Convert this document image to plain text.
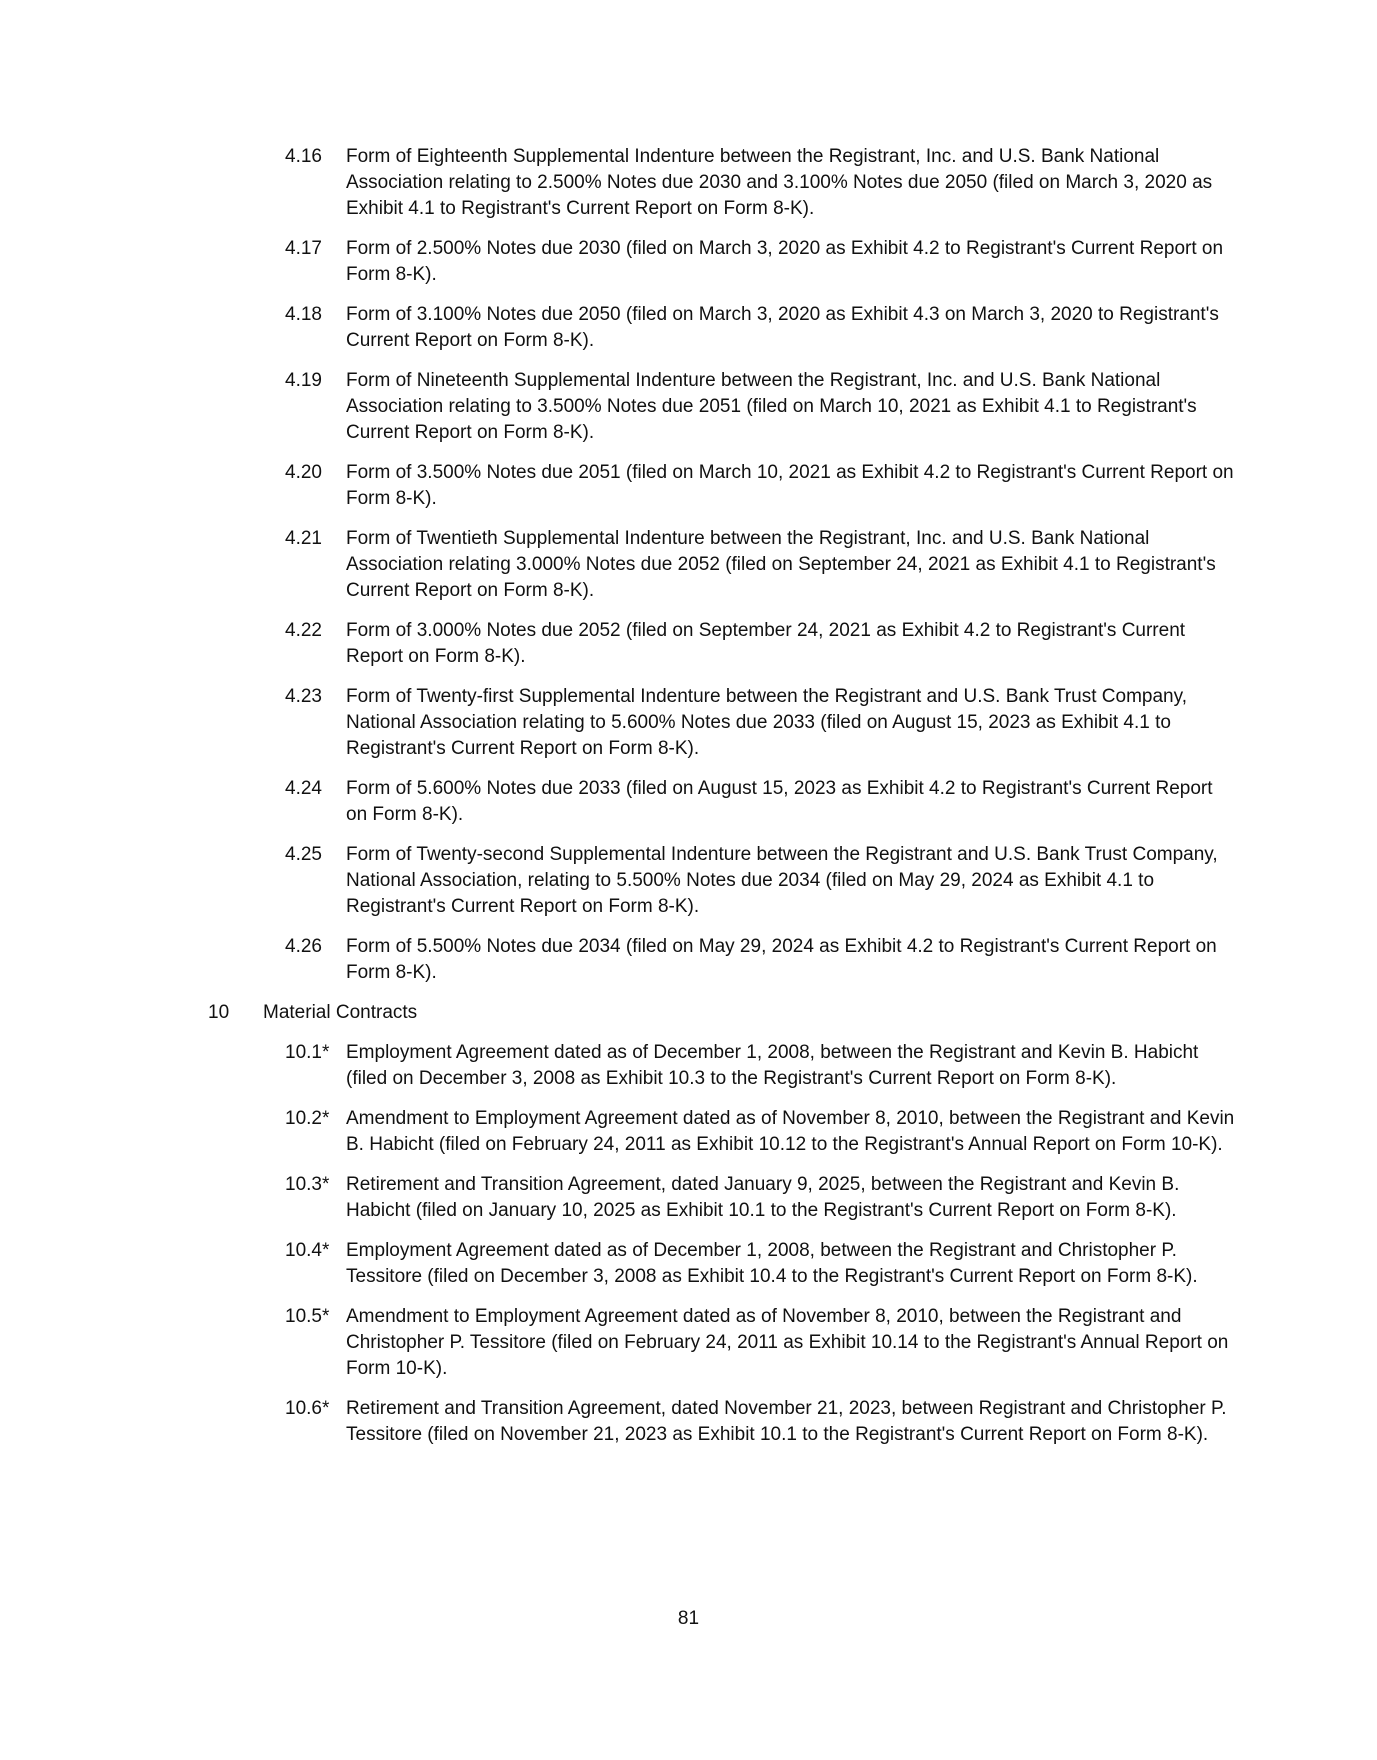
4.16 Form of Eighteenth Supplemental Indenture between the Registrant, Inc. and U.S. Bank National Association relating to 2.500% Notes due 2030 and 3.100% Notes due 2050 (filed on March 3, 2020 as Exhibit 4.1 to Registrant's Current Report on Form 8-K).
4.17 Form of 2.500% Notes due 2030 (filed on March 3, 2020 as Exhibit 4.2 to Registrant's Current Report on Form 8-K).
4.18 Form of 3.100% Notes due 2050 (filed on March 3, 2020 as Exhibit 4.3 on March 3, 2020 to Registrant's Current Report on Form 8-K).
4.19 Form of Nineteenth Supplemental Indenture between the Registrant, Inc. and U.S. Bank National Association relating to 3.500% Notes due 2051 (filed on March 10, 2021 as Exhibit 4.1 to Registrant's Current Report on Form 8-K).
4.20 Form of 3.500% Notes due 2051 (filed on March 10, 2021 as Exhibit 4.2 to Registrant's Current Report on Form 8-K).
4.21 Form of Twentieth Supplemental Indenture between the Registrant, Inc. and U.S. Bank National Association relating 3.000% Notes due 2052 (filed on September 24, 2021 as Exhibit 4.1 to Registrant's Current Report on Form 8-K).
4.22 Form of 3.000% Notes due 2052 (filed on September 24, 2021 as Exhibit 4.2 to Registrant's Current Report on Form 8-K).
4.23 Form of Twenty-first Supplemental Indenture between the Registrant and U.S. Bank Trust Company, National Association relating to 5.600% Notes due 2033 (filed on August 15, 2023 as Exhibit 4.1 to Registrant's Current Report on Form 8-K).
4.24 Form of 5.600% Notes due 2033 (filed on August 15, 2023 as Exhibit 4.2 to Registrant's Current Report on Form 8-K).
4.25 Form of Twenty-second Supplemental Indenture between the Registrant and U.S. Bank Trust Company, National Association, relating to 5.500% Notes due 2034 (filed on May 29, 2024 as Exhibit 4.1 to Registrant's Current Report on Form 8-K).
4.26 Form of 5.500% Notes due 2034 (filed on May 29, 2024 as Exhibit 4.2 to Registrant's Current Report on Form 8-K).
10 Material Contracts
10.1* Employment Agreement dated as of December 1, 2008, between the Registrant and Kevin B. Habicht (filed on December 3, 2008 as Exhibit 10.3 to the Registrant's Current Report on Form 8-K).
10.2* Amendment to Employment Agreement dated as of November 8, 2010, between the Registrant and Kevin B. Habicht (filed on February 24, 2011 as Exhibit 10.12 to the Registrant's Annual Report on Form 10-K).
10.3* Retirement and Transition Agreement, dated January 9, 2025, between the Registrant and Kevin B. Habicht (filed on January 10, 2025 as Exhibit 10.1 to the Registrant's Current Report on Form 8-K).
10.4* Employment Agreement dated as of December 1, 2008, between the Registrant and Christopher P. Tessitore (filed on December 3, 2008 as Exhibit 10.4 to the Registrant's Current Report on Form 8-K).
10.5* Amendment to Employment Agreement dated as of November 8, 2010, between the Registrant and Christopher P. Tessitore (filed on February 24, 2011 as Exhibit 10.14 to the Registrant's Annual Report on Form 10-K).
10.6* Retirement and Transition Agreement, dated November 21, 2023, between Registrant and Christopher P. Tessitore (filed on November 21, 2023 as Exhibit 10.1 to the Registrant's Current Report on Form 8-K).
81
